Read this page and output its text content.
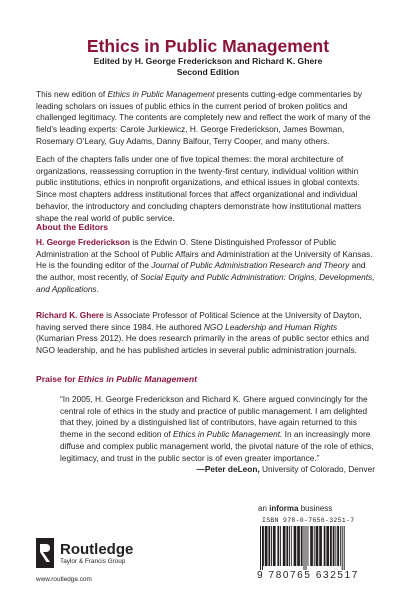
Ethics in Public Management
Edited by H. George Frederickson and Richard K. Ghere
Second Edition

This new edition of Ethics in Public Management presents cutting-edge commentaries by leading scholars on issues of public ethics in the current period of broken politics and challenged legitimacy. The contents are completely new and reflect the work of many of the field’s leading experts: Carole Jurkiewicz, H. George Frederickson, James Bowman, Rosemary O’Leary, Guy Adams, Danny Balfour, Terry Cooper, and many others.

Each of the chapters falls under one of five topical themes: the moral architecture of organizations, reassessing corruption in the twenty-first century, individual volition within public institutions, ethics in nonprofit organizations, and ethical issues in global contexts. Since most chapters address institutional forces that affect organizational and individual behavior, the introductory and concluding chapters demonstrate how institutional matters shape the real world of public service.

About the Editors

H. George Frederickson is the Edwin O. Stene Distinguished Professor of Public Administration at the School of Public Affairs and Administration at the University of Kansas. He is the founding editor of the Journal of Public Administration Research and Theory and the author, most recently, of Social Equity and Public Administration: Origins, Developments, and Applications.

Richard K. Ghere is Associate Professor of Political Science at the University of Dayton, having served there since 1984. He authored NGO Leadership and Human Rights (Kumarian Press 2012). He does research primarily in the areas of public sector ethics and NGO leadership, and he has published articles in several public administration journals.

Praise for Ethics in Public Management

“In 2005, H. George Frederickson and Richard K. Ghere argued convincingly for the central role of ethics in the study and practice of public management. I am delighted that they, joined by a distinguished list of contributors, have again returned to this theme in the second edition of Ethics in Public Management. In an increasingly more diffuse and complex public management world, the pivotal nature of the role of ethics, legitimacy, and trust in the public sector is of even greater importance.”

—Peter deLeon, University of Colorado, Denver
an informa business
ISBN 978-0-7656-3251-7
9 780765 632517
Routledge
Taylor & Francis Group
www.routledge.com
